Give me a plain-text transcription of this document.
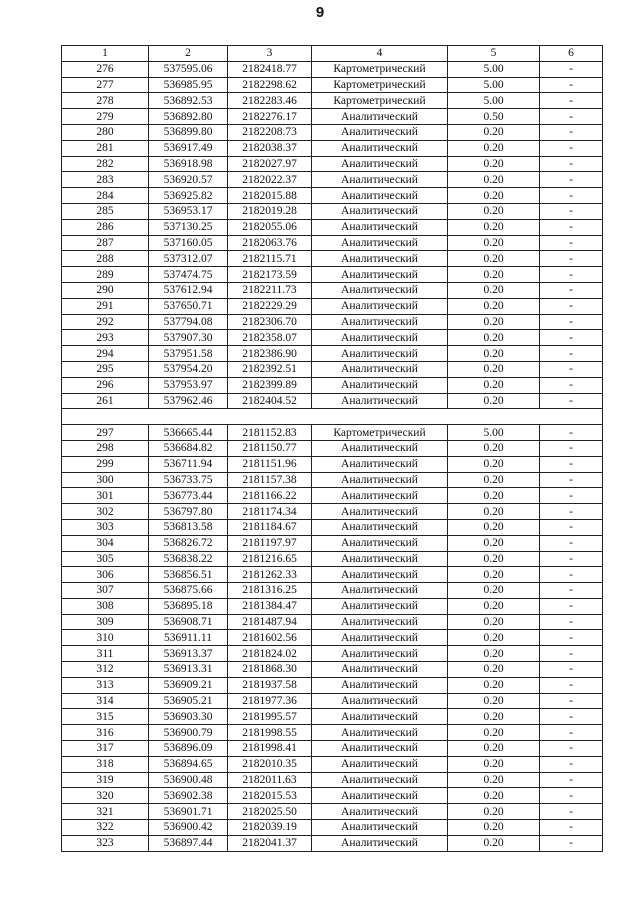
9
1	2	3	4	5	6
276	537595.06	2182418.77	Картометрический	5.00	-
277	536985.95	2182298.62	Картометрический	5.00	-
278	536892.53	2182283.46	Картометрический	5.00	-
279	536892.80	2182276.17	Аналитический	0.50	-
280	536899.80	2182208.73	Аналитический	0.20	-
281	536917.49	2182038.37	Аналитический	0.20	-
282	536918.98	2182027.97	Аналитический	0.20	-
283	536920.57	2182022.37	Аналитический	0.20	-
284	536925.82	2182015.88	Аналитический	0.20	-
285	536953.17	2182019.28	Аналитический	0.20	-
286	537130.25	2182055.06	Аналитический	0.20	-
287	537160.05	2182063.76	Аналитический	0.20	-
288	537312.07	2182115.71	Аналитический	0.20	-
289	537474.75	2182173.59	Аналитический	0.20	-
290	537612.94	2182211.73	Аналитический	0.20	-
291	537650.71	2182229.29	Аналитический	0.20	-
292	537794.08	2182306.70	Аналитический	0.20	-
293	537907.30	2182358.07	Аналитический	0.20	-
294	537951.58	2182386.90	Аналитический	0.20	-
295	537954.20	2182392.51	Аналитический	0.20	-
296	537953.97	2182399.89	Аналитический	0.20	-
261	537962.46	2182404.52	Аналитический	0.20	-

297	536665.44	2181152.83	Картометрический	5.00	-
298	536684.82	2181150.77	Аналитический	0.20	-
299	536711.94	2181151.96	Аналитический	0.20	-
300	536733.75	2181157.38	Аналитический	0.20	-
301	536773.44	2181166.22	Аналитический	0.20	-
302	536797.80	2181174.34	Аналитический	0.20	-
303	536813.58	2181184.67	Аналитический	0.20	-
304	536826.72	2181197.97	Аналитический	0.20	-
305	536838.22	2181216.65	Аналитический	0.20	-
306	536856.51	2181262.33	Аналитический	0.20	-
307	536875.66	2181316.25	Аналитический	0.20	-
308	536895.18	2181384.47	Аналитический	0.20	-
309	536908.71	2181487.94	Аналитический	0.20	-
310	536911.11	2181602.56	Аналитический	0.20	-
311	536913.37	2181824.02	Аналитический	0.20	-
312	536913.31	2181868.30	Аналитический	0.20	-
313	536909.21	2181937.58	Аналитический	0.20	-
314	536905.21	2181977.36	Аналитический	0.20	-
315	536903.30	2181995.57	Аналитический	0.20	-
316	536900.79	2181998.55	Аналитический	0.20	-
317	536896.09	2181998.41	Аналитический	0.20	-
318	536894.65	2182010.35	Аналитический	0.20	-
319	536900.48	2182011.63	Аналитический	0.20	-
320	536902.38	2182015.53	Аналитический	0.20	-
321	536901.71	2182025.50	Аналитический	0.20	-
322	536900.42	2182039.19	Аналитический	0.20	-
323	536897.44	2182041.37	Аналитический	0.20	-
